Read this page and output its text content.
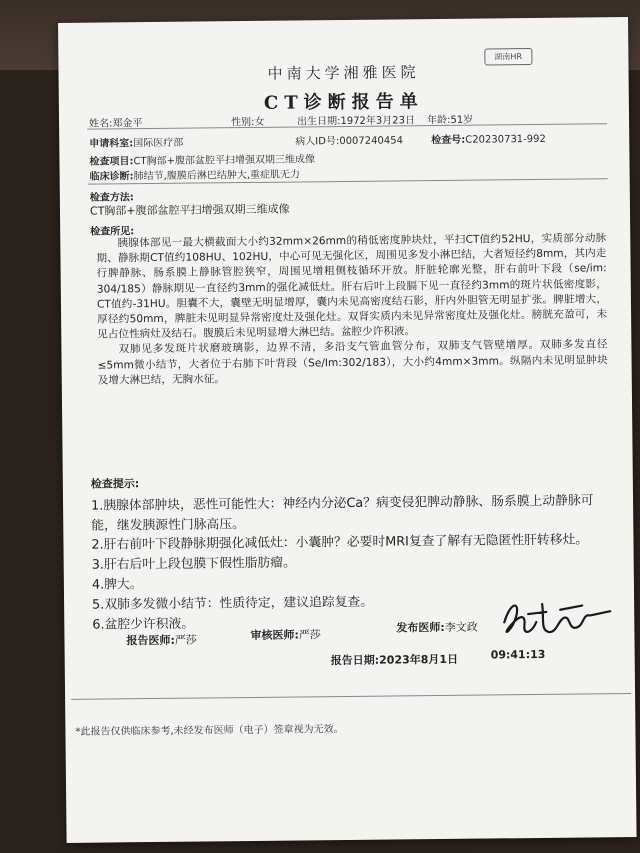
湖南HR
中南大学湘雅医院
CT诊断报告单
姓名:郑金平	性别:女	出生日期:1972年3月23日 年龄:51岁
申请科室:国际医疗部	病人ID号:0007240454	检查号:C20230731-992
检查项目:CT胸部+腹部盆腔平扫增强双期三维成像
临床诊断:肺结节,腹膜后淋巴结肿大,重症肌无力
检查方法:
CT胸部+腹部盆腔平扫增强双期三维成像
检查所见:

胰腺体部见一最大横截面大小约32mm×26mm的稍低密度肿块灶，平扫CT值约52HU，实质部分动脉期、静脉期CT值约108HU、102HU，中心可见无强化区，周围见多发小淋巴结，大者短径约8mm，其内走行脾静脉、肠系膜上静脉管腔狭窄，周围见增粗侧枝循环开放。肝脏轮廓光整，肝右前叶下段（se/im: 304/185）静脉期见一直径约3mm的强化减低灶。肝右后叶上段膈下见一直径约3mm的斑片状低密度影，CT值约-31HU。胆囊不大，囊壁无明显增厚，囊内未见高密度结石影，肝内外胆管无明显扩张。脾脏增大，厚径约50mm，脾脏未见明显异常密度灶及强化灶。双肾实质内未见异常密度灶及强化灶。膀胱充盈可，未见占位性病灶及结石。腹膜后未见明显增大淋巴结。盆腔少许积液。

双肺见多发斑片状磨玻璃影，边界不清，多沿支气管血管分布，双肺支气管壁增厚。双肺多发直径≤5mm微小结节，大者位于右肺下叶背段（Se/Im:302/183），大小约4mm×3mm。纵隔内未见明显肿块及增大淋巴结，无胸水征。

检查提示:
1.胰腺体部肿块，恶性可能性大：神经内分泌Ca？病变侵犯脾动静脉、肠系膜上动静脉可能，继发胰源性门脉高压。
2.肝右前叶下段静脉期强化减低灶：小囊肿？必要时MRI复查了解有无隐匿性肝转移灶。
3.肝右后叶上段包膜下假性脂肪瘤。
4.脾大。
5.双肺多发微小结节：性质待定，建议追踪复查。
6.盆腔少许积液。
报告医师:严莎	审核医师:严莎
发布医师:李文政
报告日期:2023年8月1日	09:41:13
*此报告仅供临床参考,未经发布医师（电子）签章视为无效。
